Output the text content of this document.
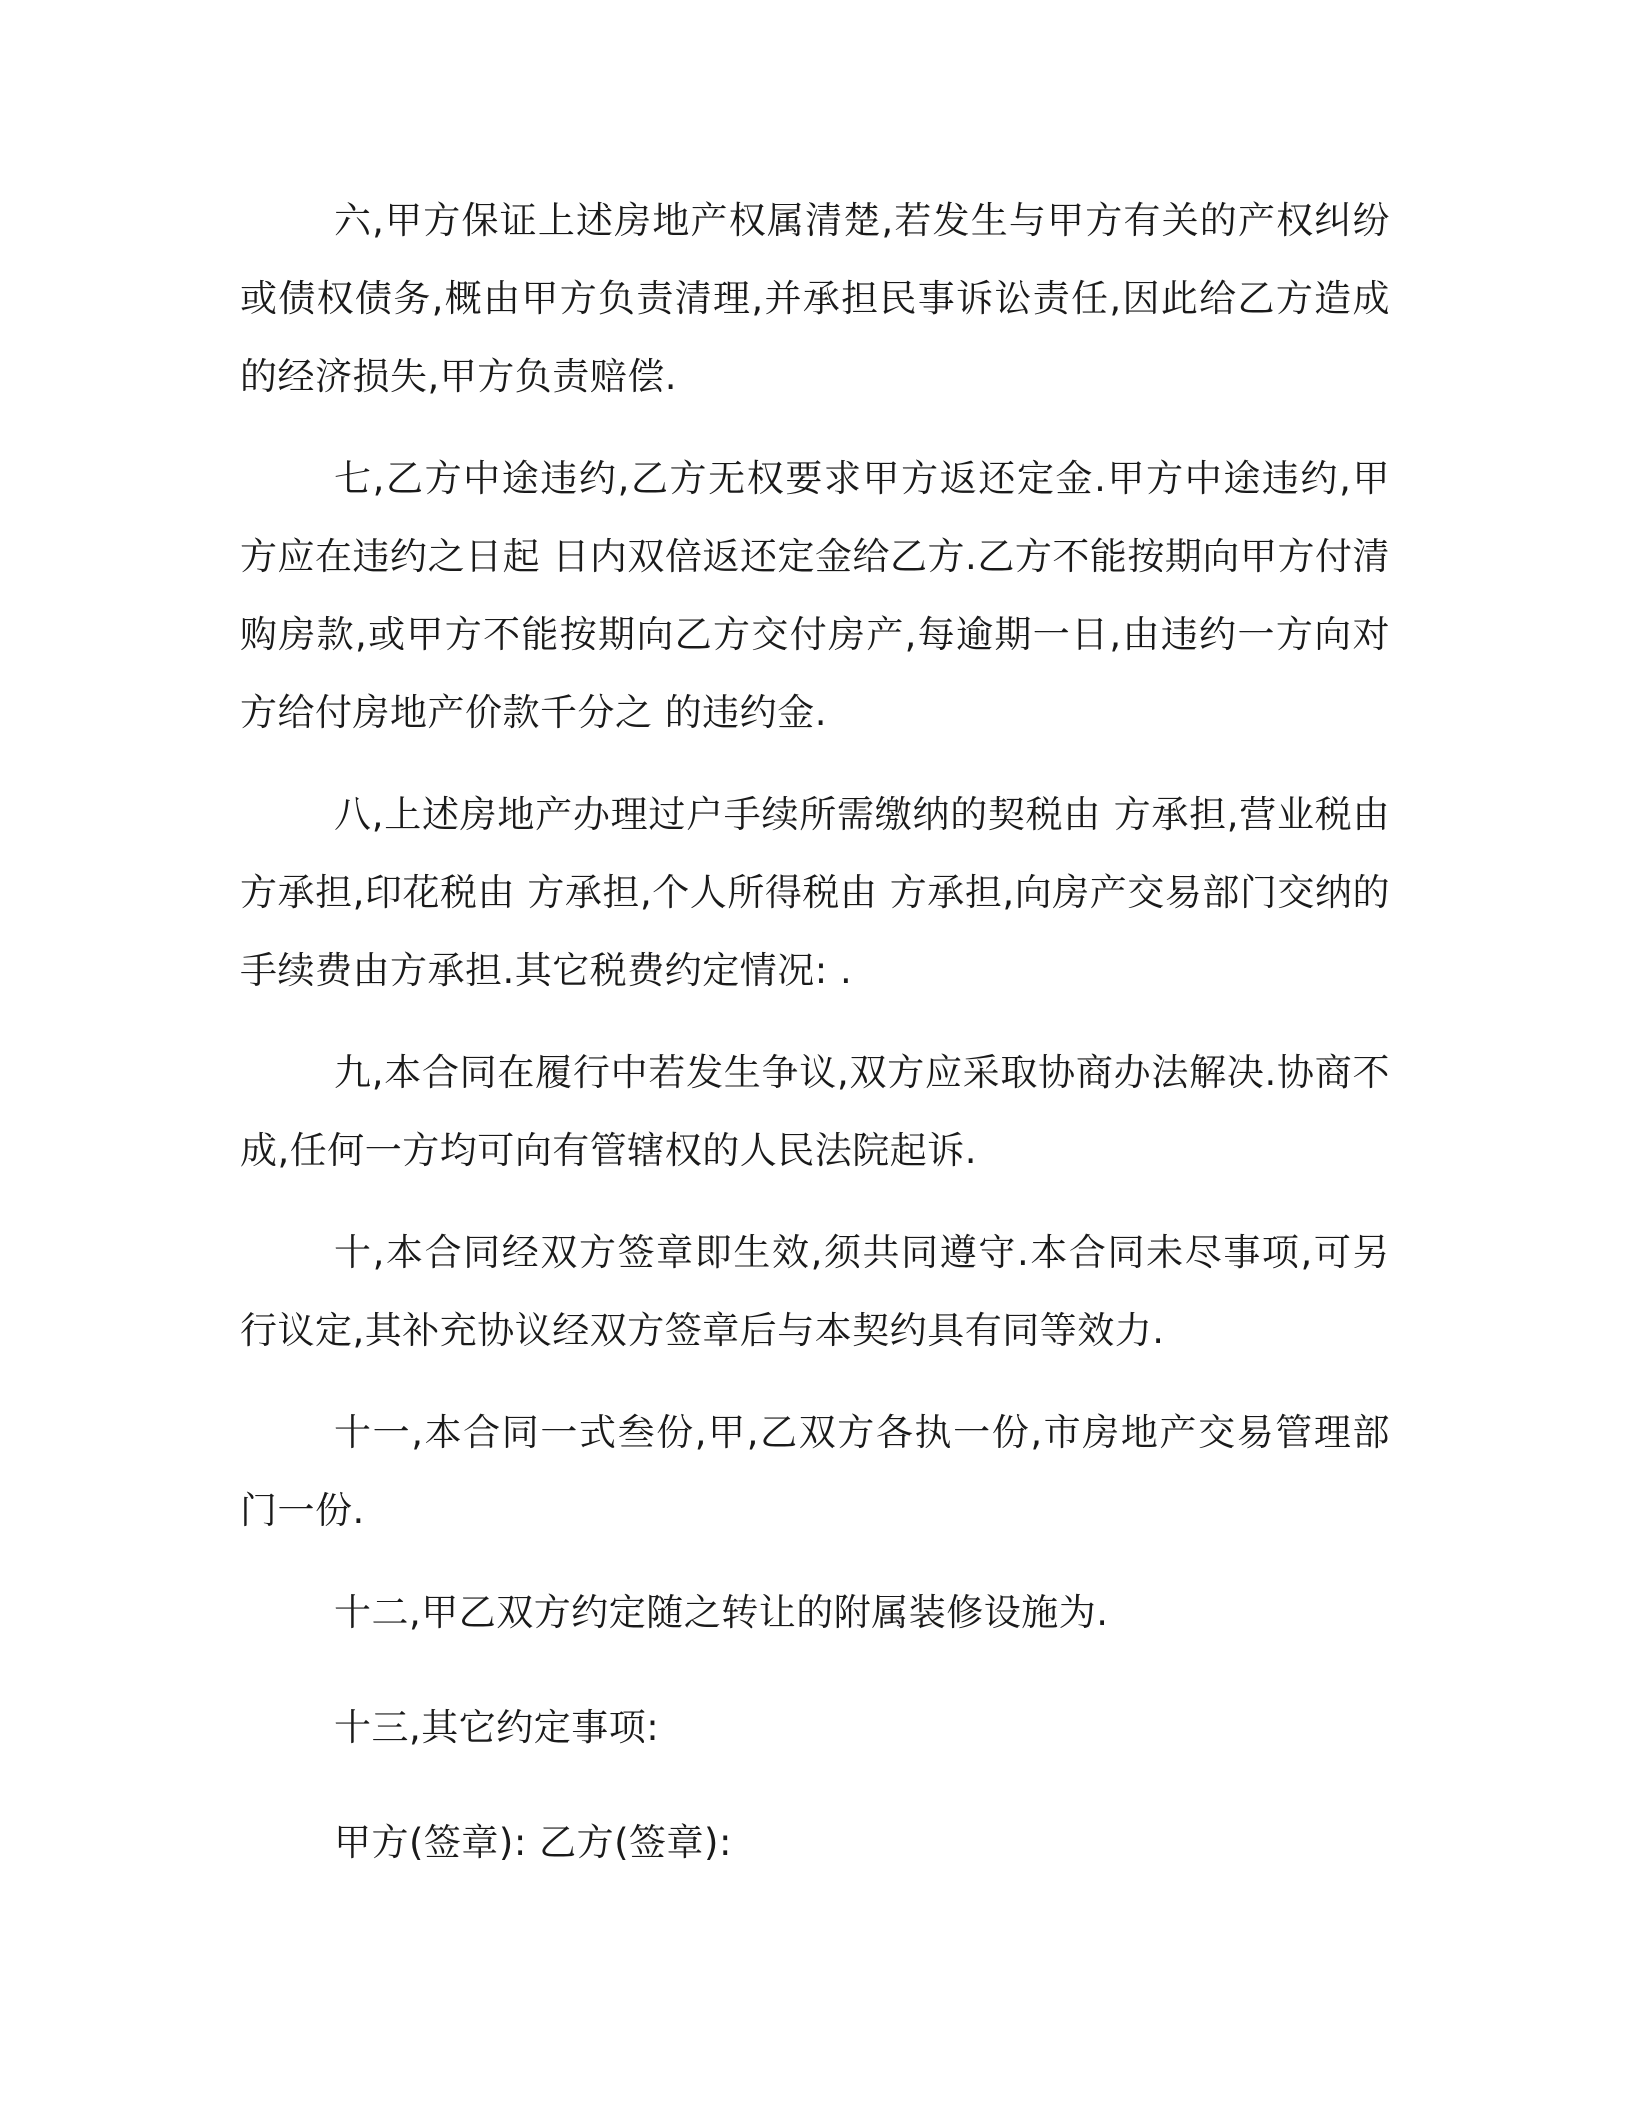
六,甲方保证上述房地产权属清楚,若发生与甲方有关的产权纠纷或债权债务,概由甲方负责清理,并承担民事诉讼责任,因此给乙方造成的经济损失,甲方负责赔偿.

七,乙方中途违约,乙方无权要求甲方返还定金.甲方中途违约,甲方应在违约之日起 日内双倍返还定金给乙方.乙方不能按期向甲方付清购房款,或甲方不能按期向乙方交付房产,每逾期一日,由违约一方向对方给付房地产价款千分之 的违约金.

八,上述房地产办理过户手续所需缴纳的契税由 方承担,营业税由 方承担,印花税由 方承担,个人所得税由 方承担,向房产交易部门交纳的手续费由方承担.其它税费约定情况: .

九,本合同在履行中若发生争议,双方应采取协商办法解决.协商不成,任何一方均可向有管辖权的人民法院起诉.

十,本合同经双方签章即生效,须共同遵守.本合同未尽事项,可另行议定,其补充协议经双方签章后与本契约具有同等效力.

十一,本合同一式叁份,甲,乙双方各执一份,市房地产交易管理部门一份.

十二,甲乙双方约定随之转让的附属装修设施为.

十三,其它约定事项:

甲方(签章): 乙方(签章):
